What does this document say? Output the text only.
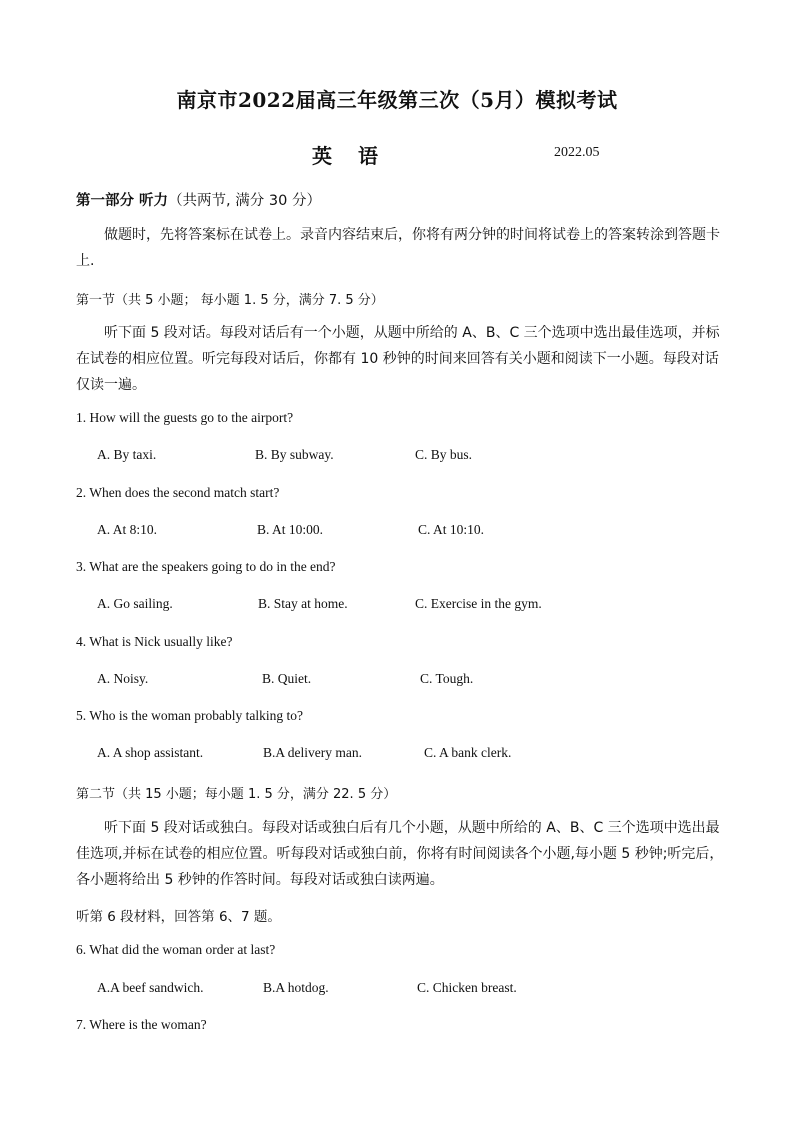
南京市2022届高三年级第三次（5月）模拟考试
英语	2022.05
第一部分 听力（共两节, 满分 30 分）
做题时，先将答案标在试卷上。录音内容结束后，你将有两分钟的时间将试卷上的答案转涂到答题卡上.
第一节（共 5 小题； 每小题 1. 5 分，满分 7. 5 分）
听下面 5 段对话。每段对话后有一个小题，从题中所给的 A、B、C 三个选项中选出最佳选项，并标在试卷的相应位置。听完每段对话后，你都有 10 秒钟的时间来回答有关小题和阅读下一小题。每段对话仅读一遍。
1. How will the guests go to the airport?
A. By taxi.	B. By subway.	C. By bus.
2. When does the second match start?
A. At 8:10.	B. At 10:00.	C. At 10:10.
3. What are the speakers going to do in the end?
A. Go sailing.	B. Stay at home.	C. Exercise in the gym.
4. What is Nick usually like?
A. Noisy.	B. Quiet.	C. Tough.
5. Who is the woman probably talking to?
A. A shop assistant.	B.A delivery man.	C. A bank clerk.
第二节（共 15 小题；每小题 1. 5 分，满分 22. 5 分）
听下面 5 段对话或独白。每段对话或独白后有几个小题，从题中所给的 A、B、C 三个选项中选出最佳选项,并标在试卷的相应位置。听每段对话或独白前，你将有时间阅读各个小题,每小题 5 秒钟;听完后，各小题将给出 5 秒钟的作答时间。每段对话或独白读两遍。
听第 6 段材料，回答第 6、7 题。
6. What did the woman order at last?
A.A beef sandwich.	B.A hotdog.	C. Chicken breast.
7. Where is the woman?
